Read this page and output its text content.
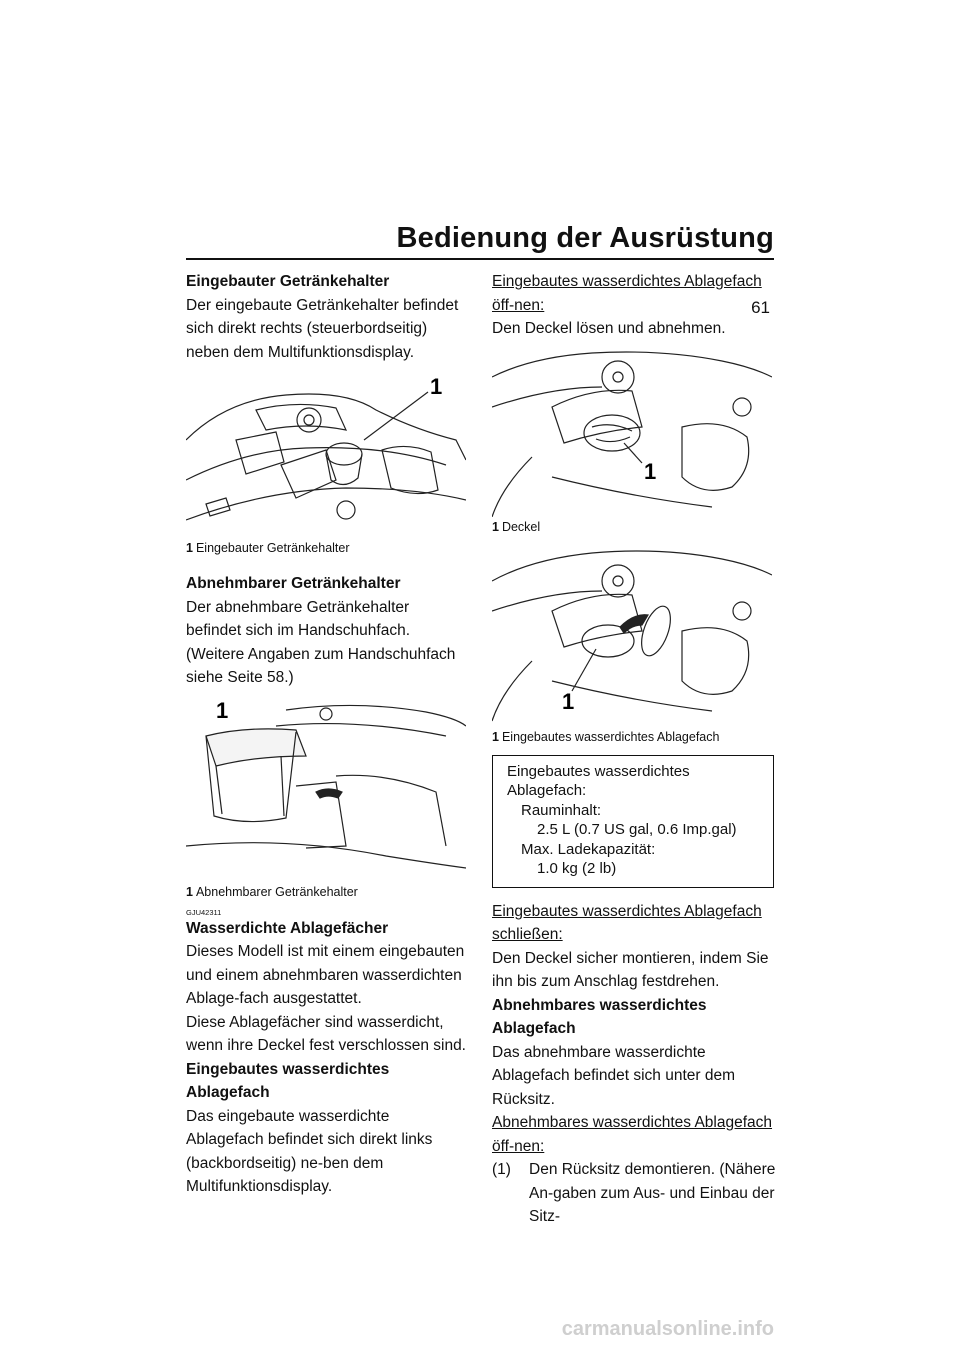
Bedienung der Ausrüstung
61

Eingebauter Getränkehalter

Der eingebaute Getränkehalter befindet sich direkt rechts (steuerbordseitig) neben dem Multifunktionsdisplay.

1
1 Eingebauter Getränkehalter

Abnehmbarer Getränkehalter

Der abnehmbare Getränkehalter befindet sich im Handschuhfach. (Weitere Angaben zum Handschuhfach siehe Seite 58.)

1
1 Abnehmbarer Getränkehalter
GJU42311

Wasserdichte Ablagefächer

Dieses Modell ist mit einem eingebauten und einem abnehmbaren wasserdichten Ablage-fach ausgestattet.

Diese Ablagefächer sind wasserdicht, wenn ihre Deckel fest verschlossen sind.

Eingebautes wasserdichtes Ablagefach

Das eingebaute wasserdichte Ablagefach befindet sich direkt links (backbordseitig) ne-ben dem Multifunktionsdisplay.

Eingebautes wasserdichtes Ablagefach öff-nen:

Den Deckel lösen und abnehmen.

1
1 Deckel
1
1 Eingebautes wasserdichtes Ablagefach
Eingebautes wasserdichtes Ablagefach:
Rauminhalt:
2.5 L (0.7 US gal, 0.6 Imp.gal)
Max. Ladekapazität:
1.0 kg (2 lb)

Eingebautes wasserdichtes Ablagefach schließen:

Den Deckel sicher montieren, indem Sie ihn bis zum Anschlag festdrehen.

Abnehmbares wasserdichtes Ablagefach

Das abnehmbare wasserdichte Ablagefach befindet sich unter dem Rücksitz.

Abnehmbares wasserdichtes Ablagefach öff-nen:

(1)	Den Rücksitz demontieren. (Nähere An-gaben zum Aus- und Einbau der Sitz-
carmanualsonline.info
